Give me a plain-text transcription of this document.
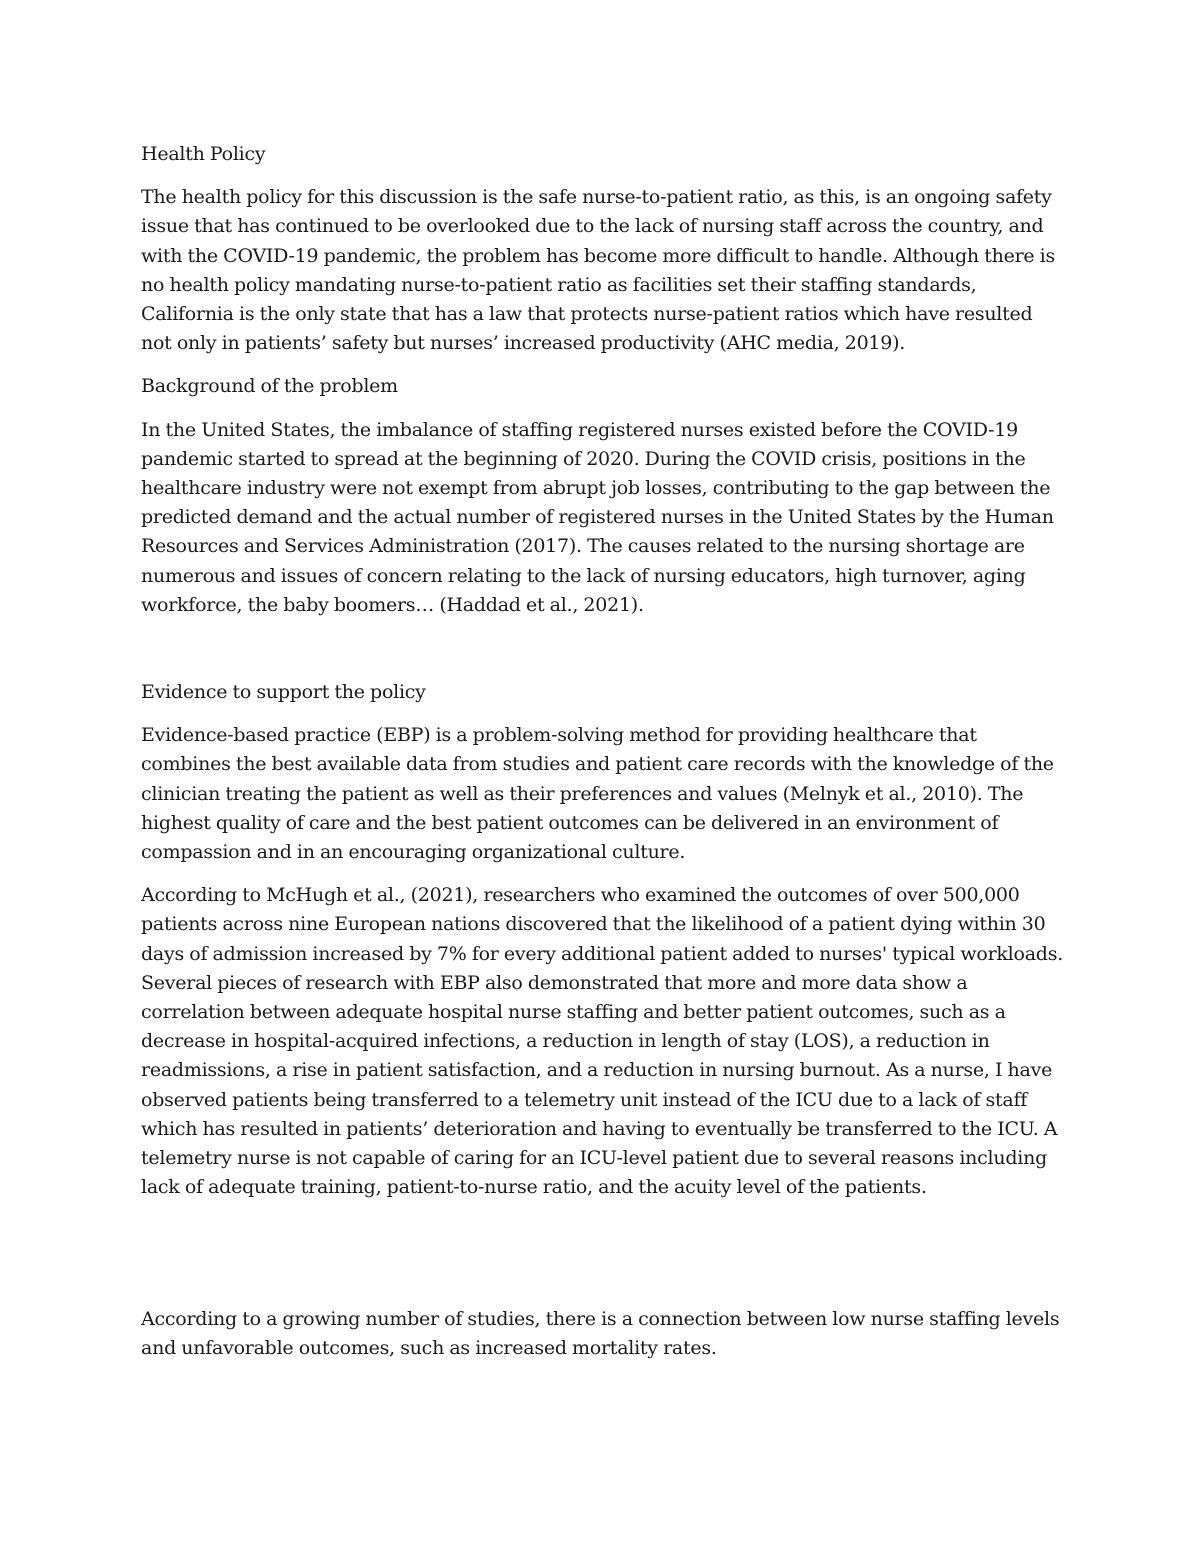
Health Policy

The health policy for this discussion is the safe nurse-to-patient ratio, as this, is an ongoing safety issue that has continued to be overlooked due to the lack of nursing staff across the country, and with the COVID-19 pandemic, the problem has become more difficult to handle. Although there is no health policy mandating nurse-to-patient ratio as facilities set their staffing standards, California is the only state that has a law that protects nurse-patient ratios which have resulted not only in patients’ safety but nurses’ increased productivity (AHC media, 2019).

Background of the problem

In the United States, the imbalance of staffing registered nurses existed before the COVID-19 pandemic started to spread at the beginning of 2020. During the COVID crisis, positions in the healthcare industry were not exempt from abrupt job losses, contributing to the gap between the predicted demand and the actual number of registered nurses in the United States by the Human Resources and Services Administration (2017). The causes related to the nursing shortage are numerous and issues of concern relating to the lack of nursing educators, high turnover, aging workforce, the baby boomers… (Haddad et al., 2021).

Evidence to support the policy

Evidence-based practice (EBP) is a problem-solving method for providing healthcare that combines the best available data from studies and patient care records with the knowledge of the clinician treating the patient as well as their preferences and values (Melnyk et al., 2010). The highest quality of care and the best patient outcomes can be delivered in an environment of compassion and in an encouraging organizational culture.

According to McHugh et al., (2021), researchers who examined the outcomes of over 500,000 patients across nine European nations discovered that the likelihood of a patient dying within 30 days of admission increased by 7% for every additional patient added to nurses' typical workloads. Several pieces of research with EBP also demonstrated that more and more data show a correlation between adequate hospital nurse staffing and better patient outcomes, such as a decrease in hospital-acquired infections, a reduction in length of stay (LOS), a reduction in readmissions, a rise in patient satisfaction, and a reduction in nursing burnout. As a nurse, I have observed patients being transferred to a telemetry unit instead of the ICU due to a lack of staff which has resulted in patients’ deterioration and having to eventually be transferred to the ICU. A telemetry nurse is not capable of caring for an ICU-level patient due to several reasons including lack of adequate training, patient-to-nurse ratio, and the acuity level of the patients.

According to a growing number of studies, there is a connection between low nurse staffing levels and unfavorable outcomes, such as increased mortality rates.
